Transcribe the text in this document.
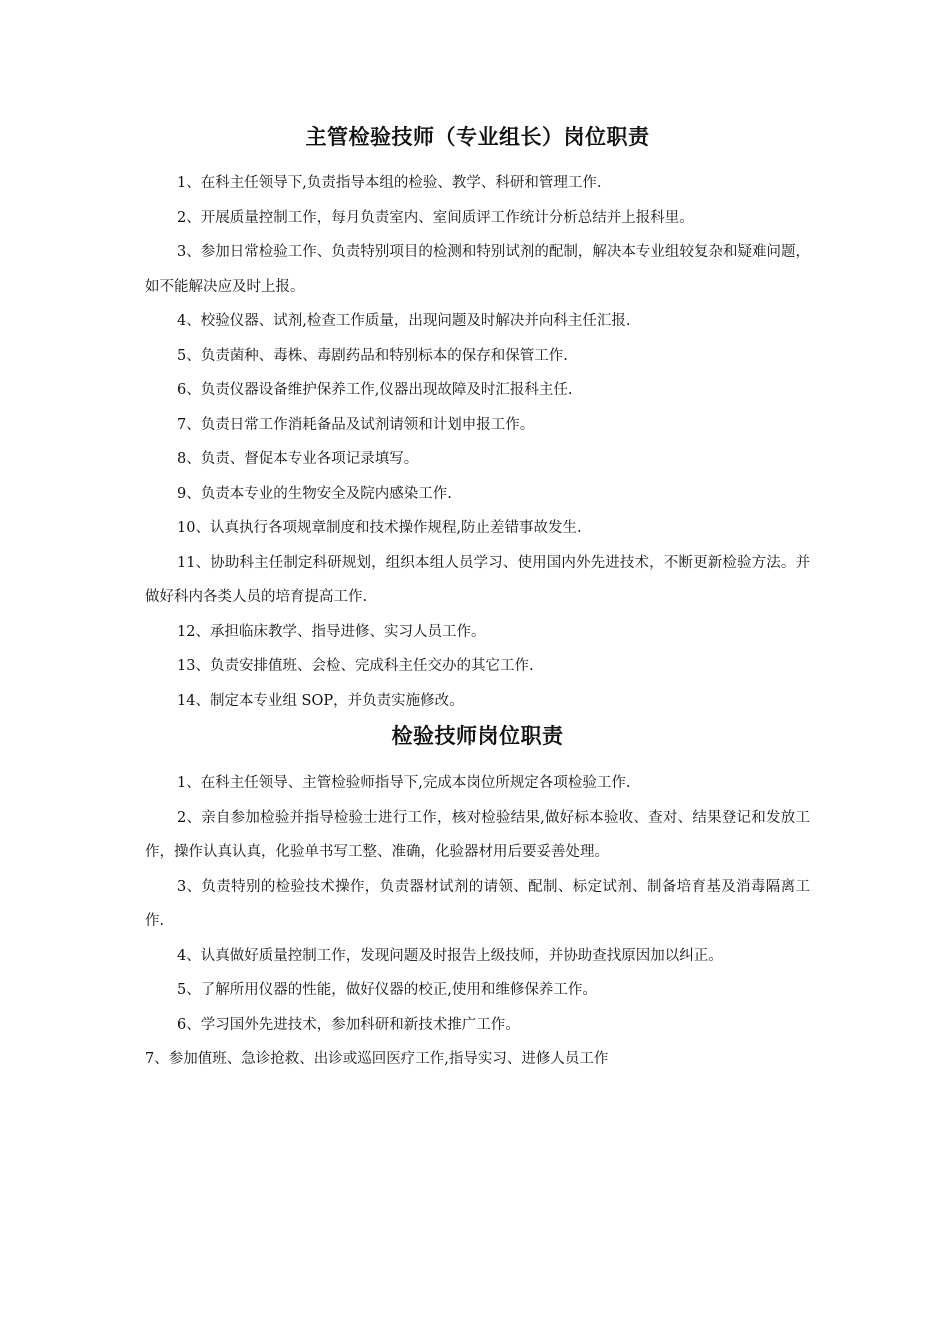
主管检验技师（专业组长）岗位职责

1、在科主任领导下,负责指导本组的检验、教学、科研和管理工作.

2、开展质量控制工作，每月负责室内、室间质评工作统计分析总结并上报科里。

3、参加日常检验工作、负责特别项目的检测和特别试剂的配制，解决本专业组较复杂和疑难问题，如不能解决应及时上报。

4、校验仪器、试剂,检查工作质量，出现问题及时解决并向科主任汇报.

5、负责菌种、毒株、毒剧药品和特别标本的保存和保管工作.

6、负责仪器设备维护保养工作,仪器出现故障及时汇报科主任.

7、负责日常工作消耗备品及试剂请领和计划申报工作。

8、负责、督促本专业各项记录填写。

9、负责本专业的生物安全及院内感染工作.

10、认真执行各项规章制度和技术操作规程,防止差错事故发生.

11、协助科主任制定科研规划，组织本组人员学习、使用国内外先进技术，不断更新检验方法。并做好科内各类人员的培育提高工作.

12、承担临床教学、指导进修、实习人员工作。

13、负责安排值班、会检、完成科主任交办的其它工作.

14、制定本专业组 SOP，并负责实施修改。

检验技师岗位职责

1、在科主任领导、主管检验师指导下,完成本岗位所规定各项检验工作.

2、亲自参加检验并指导检验士进行工作，核对检验结果,做好标本验收、查对、结果登记和发放工作，操作认真认真，化验单书写工整、准确，化验器材用后要妥善处理。

3、负责特别的检验技术操作，负责器材试剂的请领、配制、标定试剂、制备培育基及消毒隔离工作.

4、认真做好质量控制工作，发现问题及时报告上级技师，并协助查找原因加以纠正。

5、了解所用仪器的性能，做好仪器的校正,使用和维修保养工作。

6、学习国外先进技术，参加科研和新技术推广工作。

7、参加值班、急诊抢救、出诊或巡回医疗工作,指导实习、进修人员工作
